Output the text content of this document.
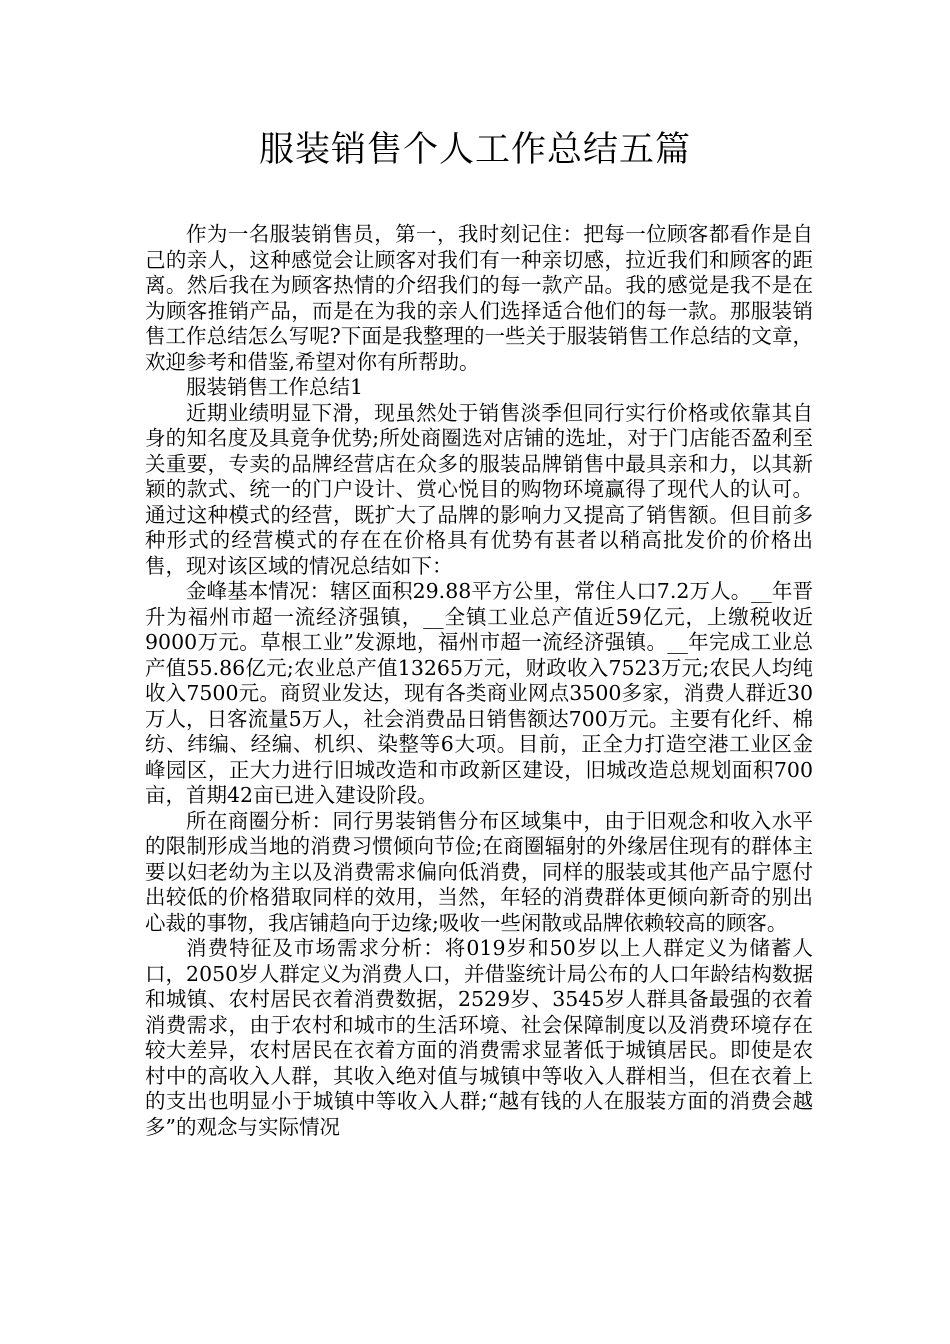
服装销售个人工作总结五篇

作为一名服装销售员，第一，我时刻记住：把每一位顾客都看作是自己的亲人，这种感觉会让顾客对我们有一种亲切感，拉近我们和顾客的距离。然后我在为顾客热情的介绍我们的每一款产品。我的感觉是我不是在为顾客推销产品，而是在为我的亲人们选择适合他们的每一款。那服装销售工作总结怎么写呢?下面是我整理的一些关于服装销售工作总结的文章，欢迎参考和借鉴,希望对你有所帮助。

服装销售工作总结1

近期业绩明显下滑，现虽然处于销售淡季但同行实行价格或依靠其自身的知名度及具竟争优势;所处商圈选对店铺的选址，对于门店能否盈利至关重要，专卖的品牌经营店在众多的服装品牌销售中最具亲和力，以其新颖的款式、统一的门户设计、赏心悦目的购物环境赢得了现代人的认可。通过这种模式的经营，既扩大了品牌的影响力又提高了销售额。但目前多种形式的经营模式的存在在价格具有优势有甚者以稍高批发价的价格出售，现对该区域的情况总结如下：

金峰基本情况：辖区面积29.88平方公里，常住人口7.2万人。__年晋升为福州市超一流经济强镇，__全镇工业总产值近59亿元，上缴税收近9000万元。草根工业”发源地，福州市超一流经济强镇。__年完成工业总产值55.86亿元;农业总产值13265万元，财政收入7523万元;农民人均纯收入7500元。商贸业发达，现有各类商业网点3500多家，消费人群近30万人，日客流量5万人，社会消费品日销售额达700万元。主要有化纤、棉纺、纬编、经编、机织、染整等6大项。目前，正全力打造空港工业区金峰园区，正大力进行旧城改造和市政新区建设，旧城改造总规划面积700亩，首期42亩已进入建设阶段。

所在商圈分析：同行男装销售分布区域集中，由于旧观念和收入水平的限制形成当地的消费习惯倾向节俭;在商圈辐射的外缘居住现有的群体主要以妇老幼为主以及消费需求偏向低消费，同样的服装或其他产品宁愿付出较低的价格猎取同样的效用，当然，年轻的消费群体更倾向新奇的别出心裁的事物，我店铺趋向于边缘;吸收一些闲散或品牌依赖较高的顾客。

消费特征及市场需求分析：将019岁和50岁以上人群定义为储蓄人口，2050岁人群定义为消费人口，并借鉴统计局公布的人口年龄结构数据和城镇、农村居民衣着消费数据，2529岁、3545岁人群具备最强的衣着消费需求，由于农村和城市的生活环境、社会保障制度以及消费环境存在较大差异，农村居民在衣着方面的消费需求显著低于城镇居民。即使是农村中的高收入人群，其收入绝对值与城镇中等收入人群相当，但在衣着上的支出也明显小于城镇中等收入人群;“越有钱的人在服装方面的消费会越多”的观念与实际情况
